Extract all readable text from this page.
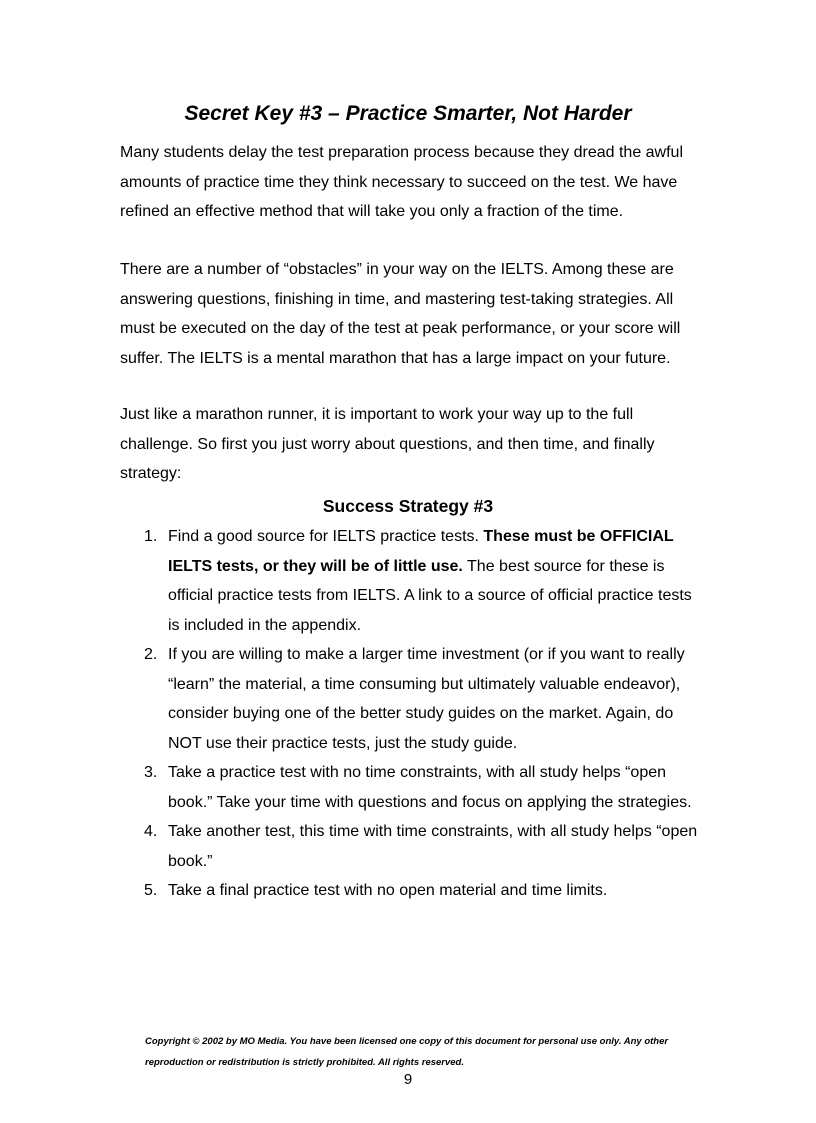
Secret Key #3 – Practice Smarter, Not Harder

Many students delay the test preparation process because they dread the awful amounts of practice time they think necessary to succeed on the test. We have refined an effective method that will take you only a fraction of the time.

There are a number of “obstacles” in your way on the IELTS. Among these are answering questions, finishing in time, and mastering test-taking strategies. All must be executed on the day of the test at peak performance, or your score will suffer. The IELTS is a mental marathon that has a large impact on your future.

Just like a marathon runner, it is important to work your way up to the full challenge. So first you just worry about questions, and then time, and finally strategy:

Success Strategy #3
1. Find a good source for IELTS practice tests. These must be OFFICIAL IELTS tests, or they will be of little use. The best source for these is official practice tests from IELTS. A link to a source of official practice tests is included in the appendix.
2. If you are willing to make a larger time investment (or if you want to really “learn” the material, a time consuming but ultimately valuable endeavor), consider buying one of the better study guides on the market. Again, do NOT use their practice tests, just the study guide.
3. Take a practice test with no time constraints, with all study helps “open book.” Take your time with questions and focus on applying the strategies.
4. Take another test, this time with time constraints, with all study helps “open book.”
5. Take a final practice test with no open material and time limits.

Copyright © 2002 by MO Media. You have been licensed one copy of this document for personal use only. Any other reproduction or redistribution is strictly prohibited. All rights reserved.

9
